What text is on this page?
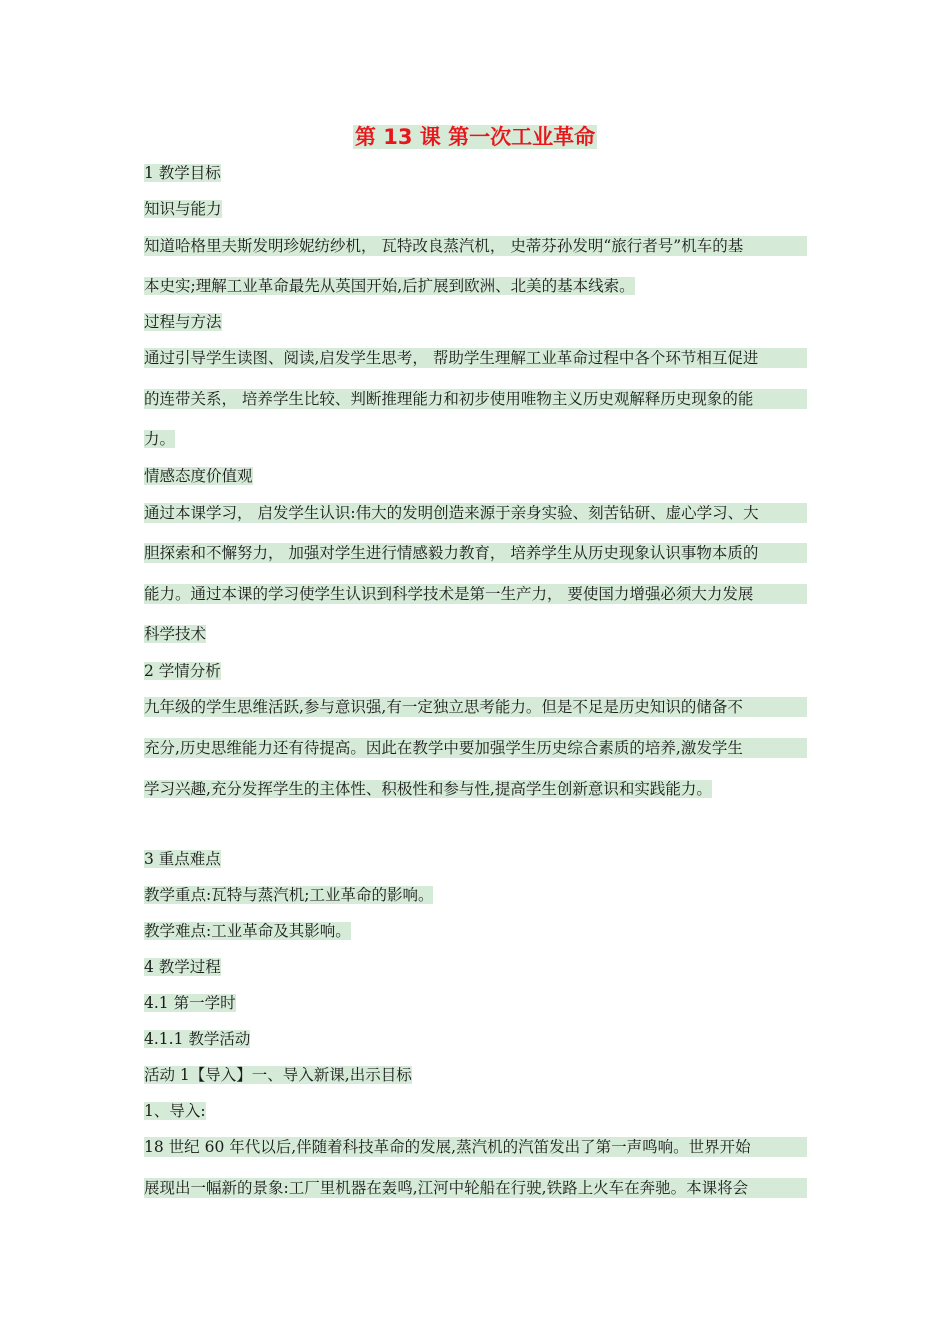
第 13 课 第一次工业革命

1 教学目标

知识与能力

知道哈格里夫斯发明珍妮纺纱机， 瓦特改良蒸汽机， 史蒂芬孙发明“旅行者号”机车的基

本史实;理解工业革命最先从英国开始,后扩展到欧洲、北美的基本线索。

过程与方法

通过引导学生读图、阅读,启发学生思考， 帮助学生理解工业革命过程中各个环节相互促进

的连带关系， 培养学生比较、判断推理能力和初步使用唯物主义历史观解释历史现象的能

力。

情感态度价值观

通过本课学习， 启发学生认识:伟大的发明创造来源于亲身实验、刻苦钻研、虚心学习、大

胆探索和不懈努力， 加强对学生进行情感毅力教育， 培养学生从历史现象认识事物本质的

能力。通过本课的学习使学生认识到科学技术是第一生产力， 要使国力增强必须大力发展

科学技术

2 学情分析

九年级的学生思维活跃,参与意识强,有一定独立思考能力。但是不足是历史知识的储备不

充分,历史思维能力还有待提高。因此在教学中要加强学生历史综合素质的培养,激发学生

学习兴趣,充分发挥学生的主体性、积极性和参与性,提高学生创新意识和实践能力。

3 重点难点

教学重点:瓦特与蒸汽机;工业革命的影响。

教学难点:工业革命及其影响。

4 教学过程

4.1 第一学时

4.1.1 教学活动

活动 1【导入】一、导入新课,出示目标

1、导入:

18 世纪 60 年代以后,伴随着科技革命的发展,蒸汽机的汽笛发出了第一声鸣响。世界开始

展现出一幅新的景象:工厂里机器在轰鸣,江河中轮船在行驶,铁路上火车在奔驰。本课将会
